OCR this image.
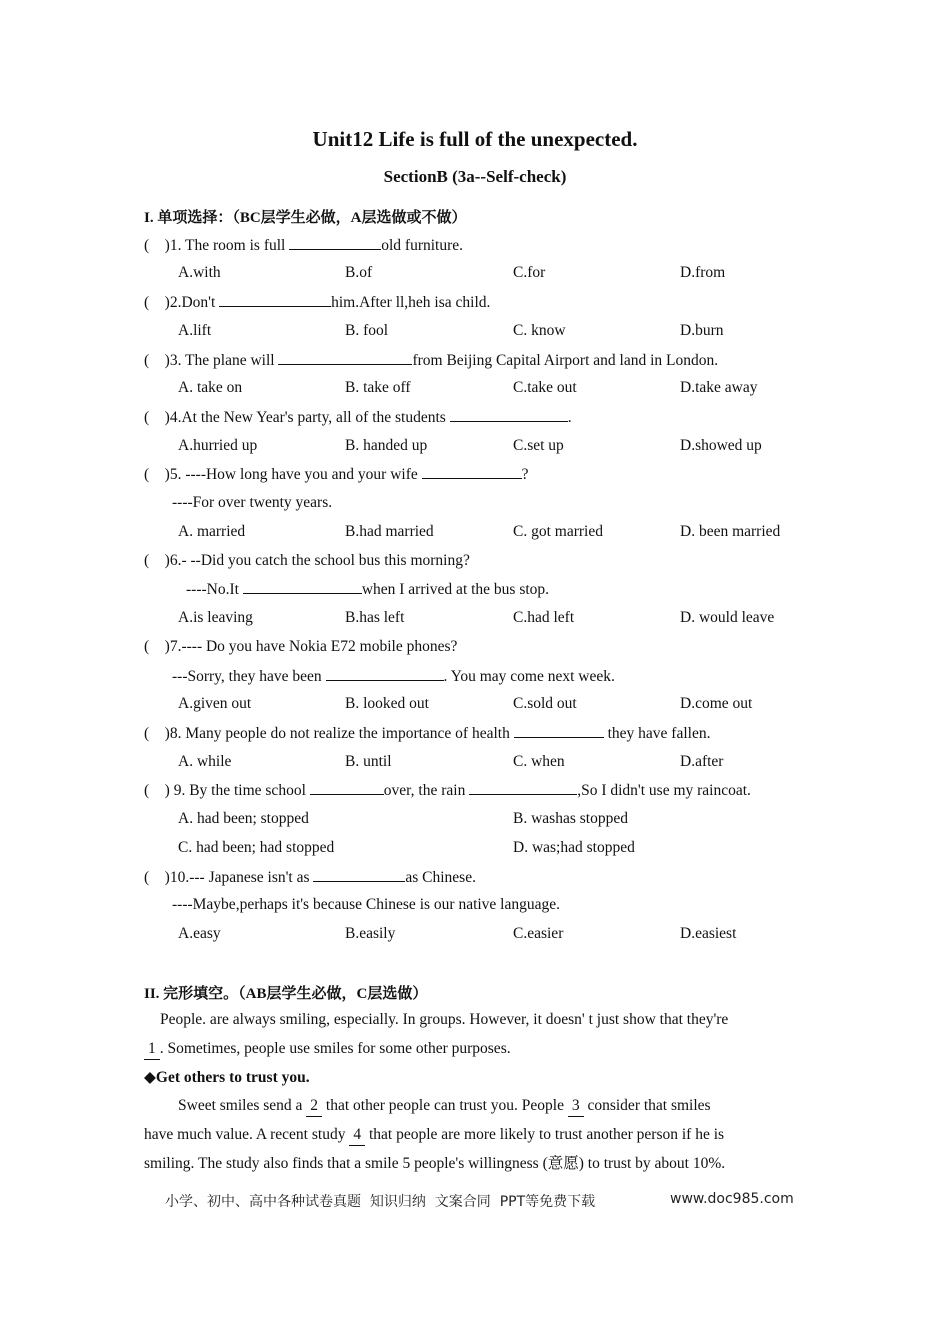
Unit12 Life is full of the unexpected.
SectionB (3a--Self-check)
I. 单项选择：（BC层学生必做，A层选做或不做）
(    )1. The room is full	old furniture.
A.with	B.of	C.for	D.from
(    )2.Don't	him.After ll,heh isa child.
A.lift	B. fool	C. know	D.burn
(    )3. The plane will	from Beijing Capital Airport and land in London.
A. take on	B. take off	C.take out	D.take away
(    )4.At the New Year's party, all of the students	.
A.hurried up	B. handed up	C.set up	D.showed up
(    )5. ----How long have you and your wife	?
----For over twenty years.
A. married	B.had married	C. got married	D. been married
(    )6.- --Did you catch the school bus this morning?
----No.It	when I arrived at the bus stop.
A.is leaving	B.has left	C.had left	D. would leave
(    )7.---- Do you have Nokia E72 mobile phones?
---Sorry, they have been	. You may come next week.
A.given out	B. looked out	C.sold out	D.come out
(    )8. Many people do not realize the importance of health	they have fallen.
A. while	B. until	C. when	D.after
(    ) 9. By the time school	over, the rain	,So I didn't use my raincoat.
A. had been; stopped	B. washas stopped
C. had been; had stopped	D. was;had stopped
(    )10.--- Japanese isn't as	as Chinese.
----Maybe,perhaps it's because Chinese is our native language.
A.easy	B.easily	C.easier	D.easiest
II. 完形填空。（AB层学生必做，C层选做）
People. are always smiling, especially. In groups. However, it doesn' t just show that they're
1 . Sometimes, people use smiles for some other purposes.
◆Get others to trust you.
Sweet smiles send a 2 that other people can trust you. People 3 consider that smiles
have much value. A recent study 4 that people are more likely to trust another person if he is
smiling. The study also finds that a smile 5 people's willingness (意愿) to trust by about 10%.
小学、初中、高中各种试卷真题  知识归纳  文案合同  PPT等免费下载	www.doc985.com
